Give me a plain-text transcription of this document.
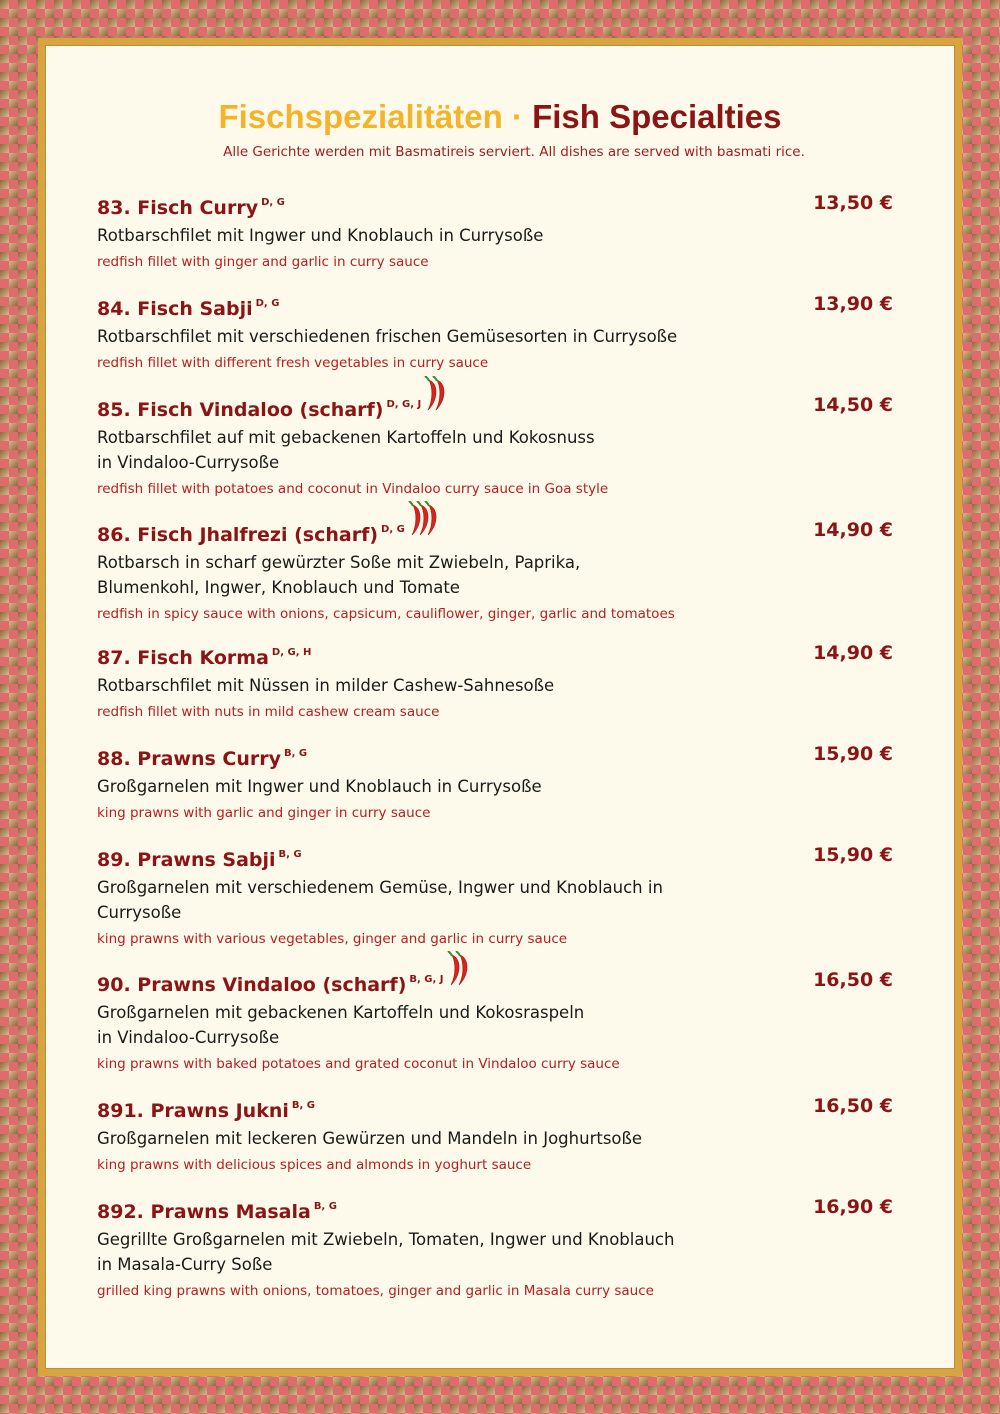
Fischspezialitäten · Fish Specialties
Alle Gerichte werden mit Basmatireis serviert. All dishes are served with basmati rice.
83. Fisch Curry $^{D, G}$	13,50 €
Rotbarschfilet mit Ingwer und Knoblauch in Currysoße
redfish fillet with ginger and garlic in curry sauce
84. Fisch Sabji $^{D, G}$	13,90 €
Rotbarschfilet mit verschiedenen frischen Gemüsesorten in Currysoße
redfish fillet with different fresh vegetables in curry sauce
85. Fisch Vindaloo (scharf) $^{D, G, J}$	14,50 €
Rotbarschfilet auf mit gebackenen Kartoffeln und Kokosnuss in Vindaloo-Currysoße
redfish fillet with potatoes and coconut in Vindaloo curry sauce in Goa style
86. Fisch Jhalfrezi (scharf) $^{D, G}$	14,90 €
Rotbarsch in scharf gewürzter Soße mit Zwiebeln, Paprika, Blumenkohl, Ingwer, Knoblauch und Tomate
redfish in spicy sauce with onions, capsicum, cauliflower, ginger, garlic and tomatoes
87. Fisch Korma $^{D, G, H}$	14,90 €
Rotbarschfilet mit Nüssen in milder Cashew-Sahnesoße
redfish fillet with nuts in mild cashew cream sauce
88. Prawns Curry $^{B, G}$	15,90 €
Großgarnelen mit Ingwer und Knoblauch in Currysoße
king prawns with garlic and ginger in curry sauce
89. Prawns Sabji $^{B, G}$	15,90 €
Großgarnelen mit verschiedenem Gemüse, Ingwer und Knoblauch in Currysoße
king prawns with various vegetables, ginger and garlic in curry sauce
90. Prawns Vindaloo (scharf) $^{B, G, J}$	16,50 €
Großgarnelen mit gebackenen Kartoffeln und Kokosraspeln in Vindaloo-Currysoße
king prawns with baked potatoes and grated coconut in Vindaloo curry sauce
891. Prawns Jukni $^{B, G}$	16,50 €
Großgarnelen mit leckeren Gewürzen und Mandeln in Joghurtsoße
king prawns with delicious spices and almonds in yoghurt sauce
892. Prawns Masala $^{B, G}$	16,90 €
Gegrillte Großgarnelen mit Zwiebeln, Tomaten, Ingwer und Knoblauch in Masala-Curry Soße
grilled king prawns with onions, tomatoes, ginger and garlic in Masala curry sauce
